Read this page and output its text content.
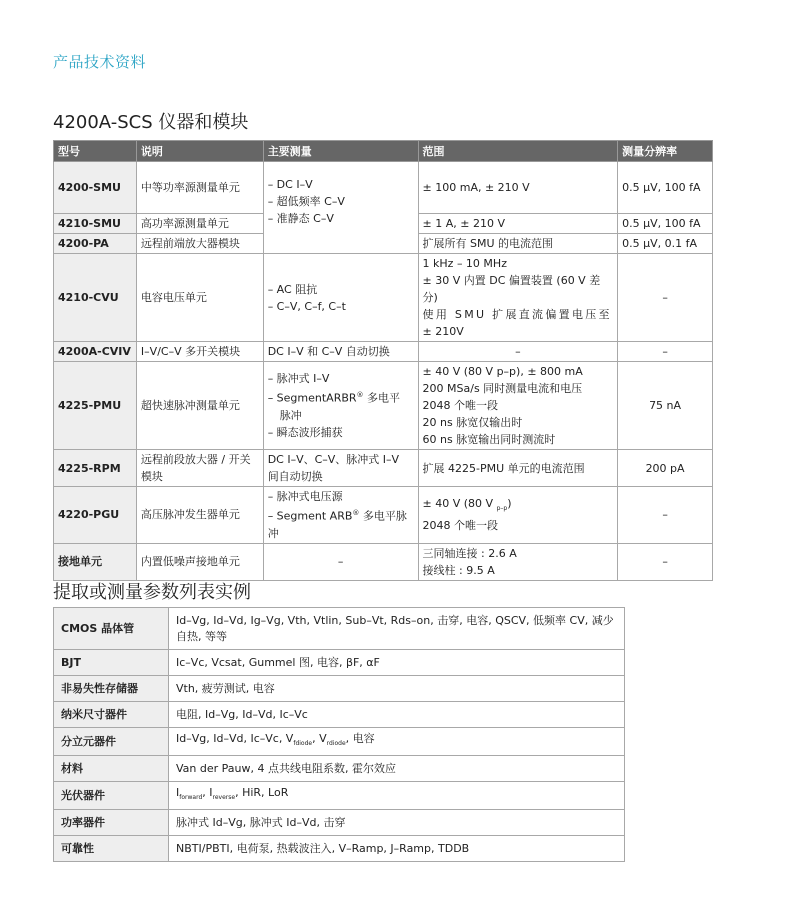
产品技术资料
4200A-SCS 仪器和模块
型号	说明	主要测量	范围	测量分辨率
4200-SMU	中等功率源测量单元	– DC I–V
– 超低频率 C–V
– 准静态 C–V	± 100 mA, ± 210 V	0.5 µV, 100 fA
4210-SMU	高功率源测量单元		± 1 A, ± 210 V	0.5 µV, 100 fA
4200-PA	远程前端放大器模块		扩展所有 SMU 的电流范围	0.5 µV, 0.1 fA
4210-CVU	电容电压单元	– AC 阻抗
– C–V, C–f, C–t	1 kHz – 10 MHz
± 30 V 内置 DC 偏置装置 (60 V 差分)
使用 SMU 扩展直流偏置电压至
± 210V	–
4200A-CVIV	I–V/C–V 多开关模块	DC I–V 和 C–V 自动切换	–	–
4225-PMU	超快速脉冲测量单元	– 脉冲式 I–V
– SegmentARBR® 多电平
脉冲
– 瞬态波形捕获	± 40 V (80 V p–p), ± 800 mA
200 MSa/s 同时测量电流和电压
2048 个唯一段
20 ns 脉宽仅输出时
60 ns 脉宽输出同时测流时	75 nA
4225-RPM	远程前段放大器 / 开关模块	DC I–V、C–V、脉冲式 I–V 间自动切换	扩展 4225-PMU 单元的电流范围	200 pA
4220-PGU	高压脉冲发生器单元	– 脉冲式电压源
– Segment ARB® 多电平脉冲	± 40 V (80 V $_{p-p}$)
2048 个唯一段	–
接地单元	内置低噪声接地单元	–	三同轴连接 : 2.6 A
接线柱 : 9.5 A	–
提取或测量参数列表实例
CMOS 晶体管	Id–Vg, Id–Vd, Ig–Vg, Vth, Vtlin, Sub–Vt, Rds–on, 击穿, 电容, QSCV, 低频率 CV, 减少自热, 等等
BJT	Ic–Vc, Vcsat, Gummel 图, 电容, βF, αF
非易失性存储器	Vth, 疲劳测试, 电容
纳米尺寸器件	电阻, Id–Vg, Id–Vd, Ic–Vc
分立元器件	Id–Vg, Id–Vd, Ic–Vc, $V_{fdiode}$, $V_{rdiode}$, 电容
材料	Van der Pauw, 4 点共线电阻系数, 霍尔效应
光伏器件	$I_{forward}$, $I_{reverse}$, HiR, LoR
功率器件	脉冲式 Id–Vg, 脉冲式 Id–Vd, 击穿
可靠性	NBTI/PBTI, 电荷泵, 热载波注入, V–Ramp, J–Ramp, TDDB
